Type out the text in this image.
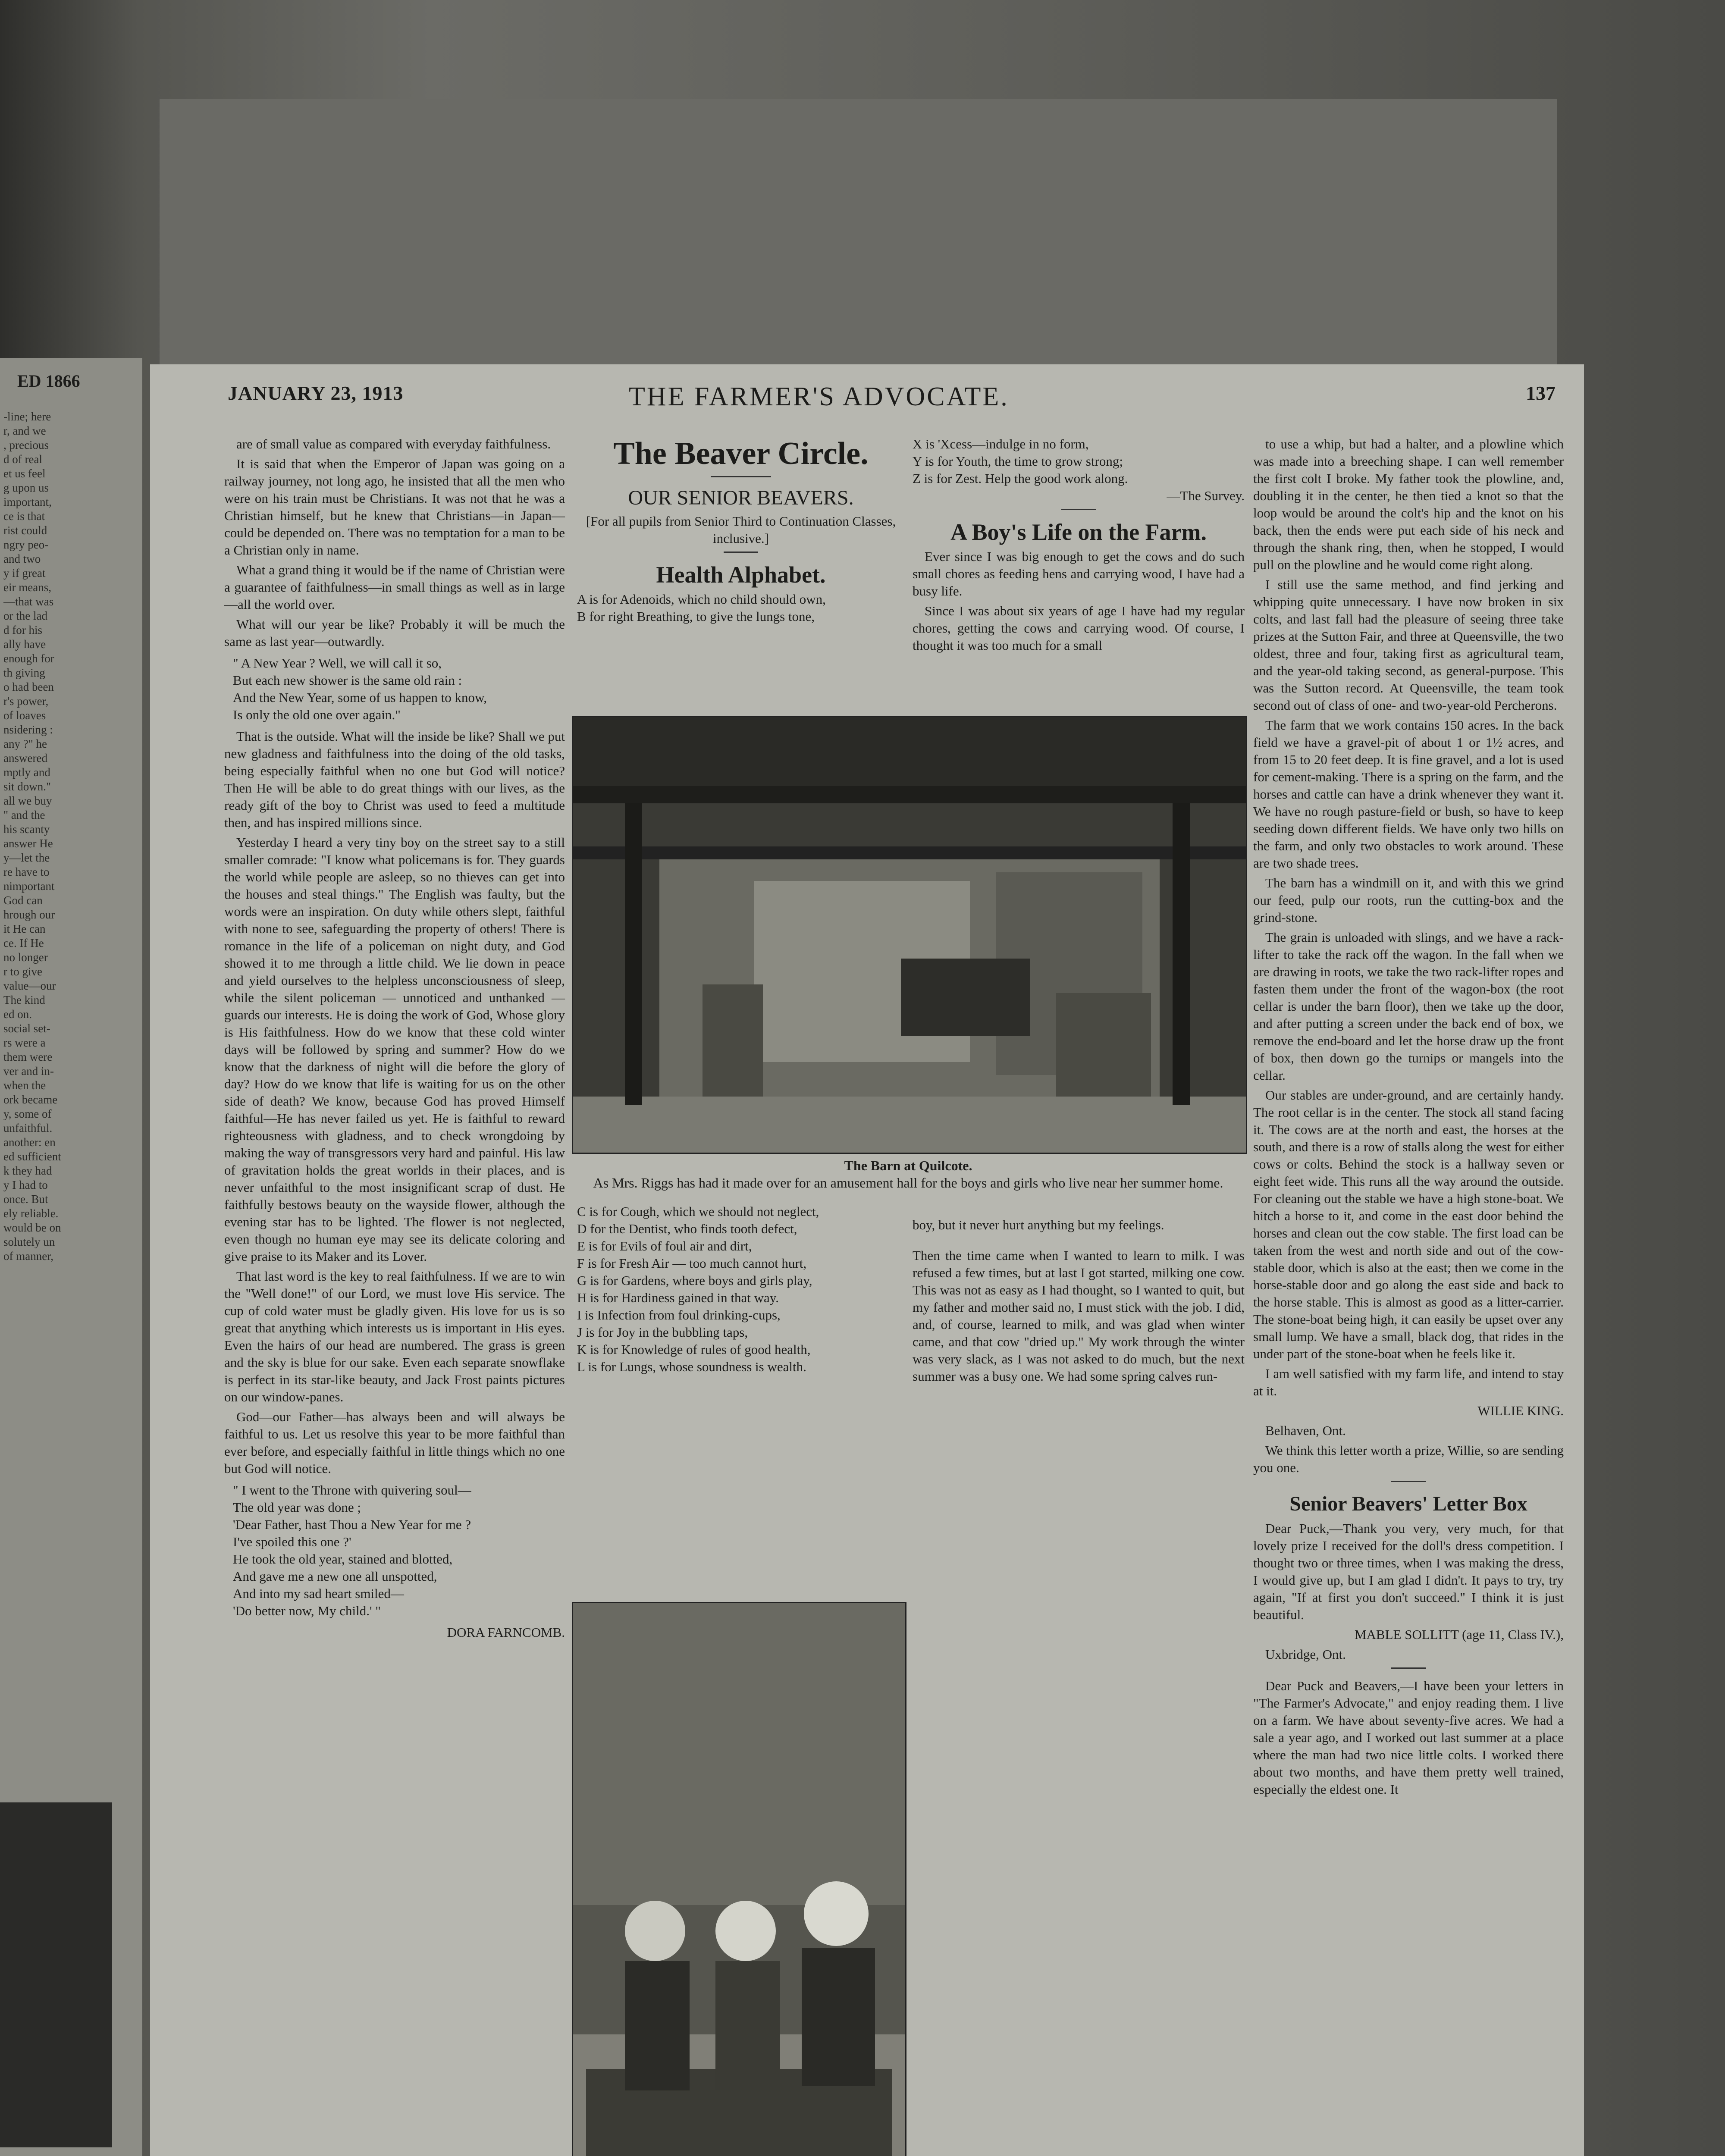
ED 1866
-line; here
r, and we
, precious
d of real
et us feel
g upon us
important,
ce is that
rist could
ngry peo-
and two
y if great
eir means,
—that was
or the lad
d for his
ally have
enough for
th giving
o had been
r's power,
of loaves
nsidering :
any ?" he
answered
mptly and
sit down."
all we buy
" and the
his scanty
answer He
y—let the
re have to
nimportant
God can
hrough our
it He can
ce. If He
no longer
r to give
value—our
The kind
ed on.
social set-
rs were a
them were
ver and in-
when the
ork became
y, some of
unfaithful.
another: en
ed sufficient
k they had
y I had to
once. But
ely reliable.
would be on
solutely un
of manner,
JANUARY 23, 1913	THE FARMER'S ADVOCATE.	137

are of small value as compared with everyday faithfulness.

It is said that when the Emperor of Japan was going on a railway journey, not long ago, he insisted that all the men who were on his train must be Christians. It was not that he was a Christian himself, but he knew that Christians—in Japan—could be depended on. There was no temptation for a man to be a Christian only in name.

What a grand thing it would be if the name of Christian were a guarantee of faithfulness—in small things as well as in large—all the world over.

What will our year be like? Probably it will be much the same as last year—outwardly.

" A New Year ? Well, we will call it so,
But each new shower is the same old rain :
And the New Year, some of us happen to know,
Is only the old one over again."

That is the outside. What will the inside be like? Shall we put new gladness and faithfulness into the doing of the old tasks, being especially faithful when no one but God will notice? Then He will be able to do great things with our lives, as the ready gift of the boy to Christ was used to feed a multitude then, and has inspired millions since.

Yesterday I heard a very tiny boy on the street say to a still smaller comrade: "I know what policemans is for. They guards the world while people are asleep, so no thieves can get into the houses and steal things." The English was faulty, but the words were an inspiration. On duty while others slept, faithful with none to see, safeguarding the property of others! There is romance in the life of a policeman on night duty, and God showed it to me through a little child. We lie down in peace and yield ourselves to the helpless unconsciousness of sleep, while the silent policeman — unnoticed and unthanked — guards our interests. He is doing the work of God, Whose glory is His faithfulness. How do we know that these cold winter days will be followed by spring and summer? How do we know that the darkness of night will die before the glory of day? How do we know that life is waiting for us on the other side of death? We know, because God has proved Himself faithful—He has never failed us yet. He is faithful to reward righteousness with gladness, and to check wrongdoing by making the way of transgressors very hard and painful. His law of gravitation holds the great worlds in their places, and is never unfaithful to the most insignificant scrap of dust. He faithfully bestows beauty on the wayside flower, although the evening star has to be lighted. The flower is not neglected, even though no human eye may see its delicate coloring and give praise to its Maker and its Lover.

That last word is the key to real faithfulness. If we are to win the "Well done!" of our Lord, we must love His service. The cup of cold water must be gladly given. His love for us is so great that anything which interests us is important in His eyes. Even the hairs of our head are numbered. The grass is green and the sky is blue for our sake. Even each separate snowflake is perfect in its star-like beauty, and Jack Frost paints pictures on our window-panes.

God—our Father—has always been and will always be faithful to us. Let us resolve this year to be more faithful than ever before, and especially faithful in little things which no one but God will notice.

" I went to the Throne with quivering soul—
The old year was done ;
'Dear Father, hast Thou a New Year for me ?
I've spoiled this one ?'
He took the old year, stained and blotted,
And gave me a new one all unspotted,
And into my sad heart smiled—
'Do better now, My child.' "

DORA FARNCOMB.

The Beaver Circle.

OUR SENIOR BEAVERS.

[For all pupils from Senior Third to Continuation Classes, inclusive.]

Health Alphabet.

A is for Adenoids, which no child should own,
B for right Breathing, to give the lungs tone,
X is 'Xcess—indulge in no form,
Y is for Youth, the time to grow strong;
Z is for Zest. Help the good work along.

—The Survey.

A Boy's Life on the Farm.

Ever since I was big enough to get the cows and do such small chores as feeding hens and carrying wood, I have had a busy life.

Since I was about six years of age I have had my regular chores, getting the cows and carrying wood. Of course, I thought it was too much for a small

The Barn at Quilcote.
As Mrs. Riggs has had it made over for an amusement hall for the boys and girls who live near her summer home.
C is for Cough, which we should not neglect,
D for the Dentist, who finds tooth defect,
E is for Evils of foul air and dirt,
F is for Fresh Air — too much cannot hurt,
G is for Gardens, where boys and girls play,
H is for Hardiness gained in that way.
I is Infection from foul drinking-cups,
J is for Joy in the bubbling taps,
K is for Knowledge of rules of good health,
L is for Lungs, whose soundness is wealth.

boy, but it never hurt anything but my feelings.

Then the time came when I wanted to learn to milk. I was refused a few times, but at last I got started, milking one cow. This was not as easy as I had thought, so I wanted to quit, but my father and mother said no, I must stick with the job. I did, and, of course, learned to milk, and was glad when winter came, and that cow "dried up." My work through the winter was very slack, as I was not asked to do much, but the next summer was a busy one. We had some spring calves run-

to use a whip, but had a halter, and a plowline which was made into a breeching shape. I can well remember the first colt I broke. My father took the plowline, and, doubling it in the center, he then tied a knot so that the loop would be around the colt's hip and the knot on his back, then the ends were put each side of his neck and through the shank ring, then, when he stopped, I would pull on the plowline and he would come right along.

I still use the same method, and find jerking and whipping quite unnecessary. I have now broken in six colts, and last fall had the pleasure of seeing three take prizes at the Sutton Fair, and three at Queensville, the two oldest, three and four, taking first as agricultural team, and the year-old taking second, as general-purpose. This was the Sutton record. At Queensville, the team took second out of class of one- and two-year-old Percherons.

The farm that we work contains 150 acres. In the back field we have a gravel-pit of about 1 or 1½ acres, and from 15 to 20 feet deep. It is fine gravel, and a lot is used for cement-making. There is a spring on the farm, and the horses and cattle can have a drink whenever they want it. We have no rough pasture-field or bush, so have to keep seeding down different fields. We have only two hills on the farm, and only two obstacles to work around. These are two shade trees.

The barn has a windmill on it, and with this we grind our feed, pulp our roots, run the cutting-box and the grind-stone.

The grain is unloaded with slings, and we have a rack-lifter to take the rack off the wagon. In the fall when we are drawing in roots, we take the two rack-lifter ropes and fasten them under the front of the wagon-box (the root cellar is under the barn floor), then we take up the door, and after putting a screen under the back end of box, we remove the end-board and let the horse draw up the front of box, then down go the turnips or mangels into the cellar.

Our stables are under-ground, and are certainly handy. The root cellar is in the center. The stock all stand facing it. The cows are at the north and east, the horses at the south, and there is a row of stalls along the west for either cows or colts. Behind the stock is a hallway seven or eight feet wide. This runs all the way around the outside. For cleaning out the stable we have a high stone-boat. We hitch a horse to it, and come in the east door behind the horses and clean out the cow stable. The first load can be taken from the west and north side and out of the cow-stable door, which is also at the east; then we come in the horse-stable door and go along the east side and back to the horse stable. This is almost as good as a litter-carrier. The stone-boat being high, it can easily be upset over any small lump. We have a small, black dog, that rides in the under part of the stone-boat when he feels like it.

I am well satisfied with my farm life, and intend to stay at it.

WILLIE KING.

Belhaven, Ont.

We think this letter worth a prize, Willie, so are sending you one.

Senior Beavers' Letter Box

Dear Puck,—Thank you very, very much, for that lovely prize I received for the doll's dress competition. I thought two or three times, when I was making the dress, I would give up, but I am glad I didn't. It pays to try, try again, "If at first you don't succeed." I think it is just beautiful.

MABLE SOLLITT (age 11, Class IV.),

Uxbridge, Ont.

Dear Puck and Beavers,—I have been your letters in "The Farmer's Advocate," and enjoy reading them. I live on a farm. We have about seventy-five acres. We had a sale a year ago, and I worked out last summer at a place where the man had two nice little colts. I worked there about two months, and have them pretty well trained, especially the eldest one. It
